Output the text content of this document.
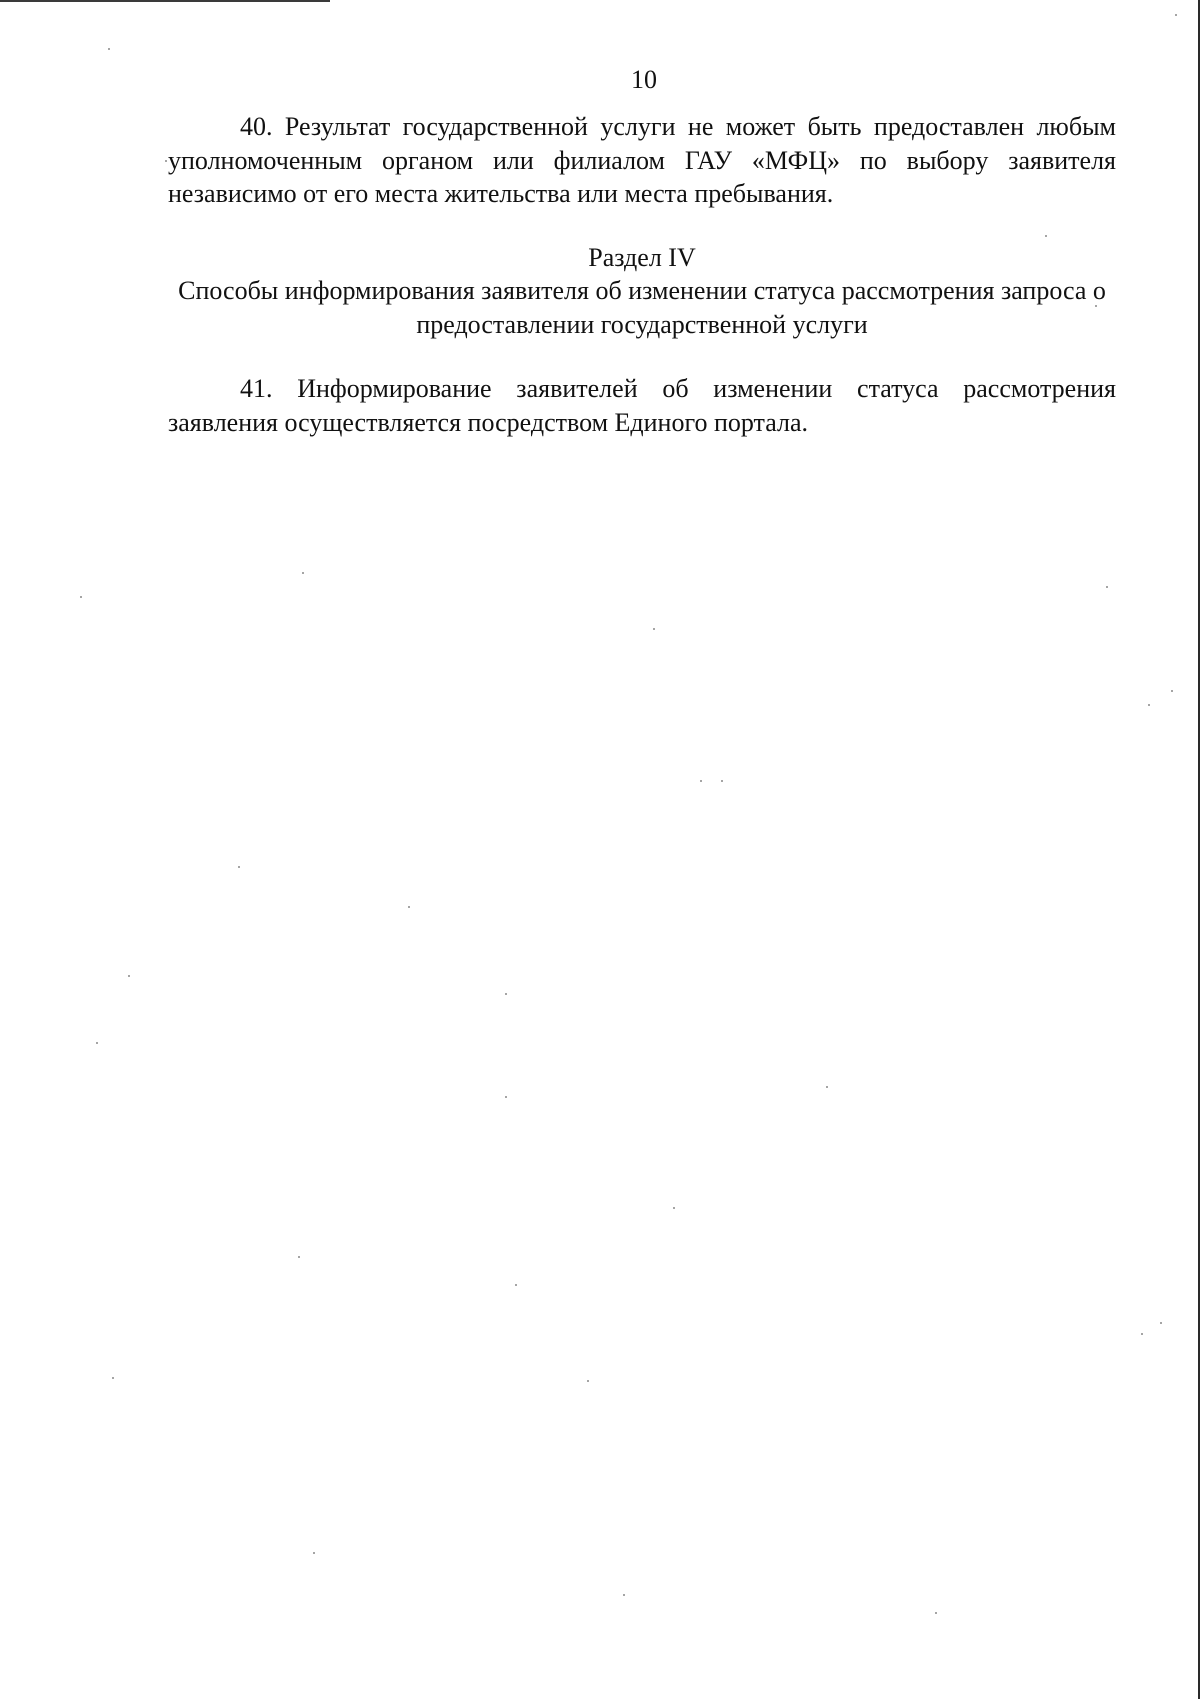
10

40. Результат государственной услуги не может быть предоставлен любым уполномоченным органом или филиалом ГАУ «МФЦ» по выбору заявителя независимо от его места жительства или места пребывания.

Раздел IV
Способы информирования заявителя об изменении статуса рассмотрения запроса о предоставлении государственной услуги

41. Информирование заявителей об изменении статуса рассмотрения заявления осуществляется посредством Единого портала.
